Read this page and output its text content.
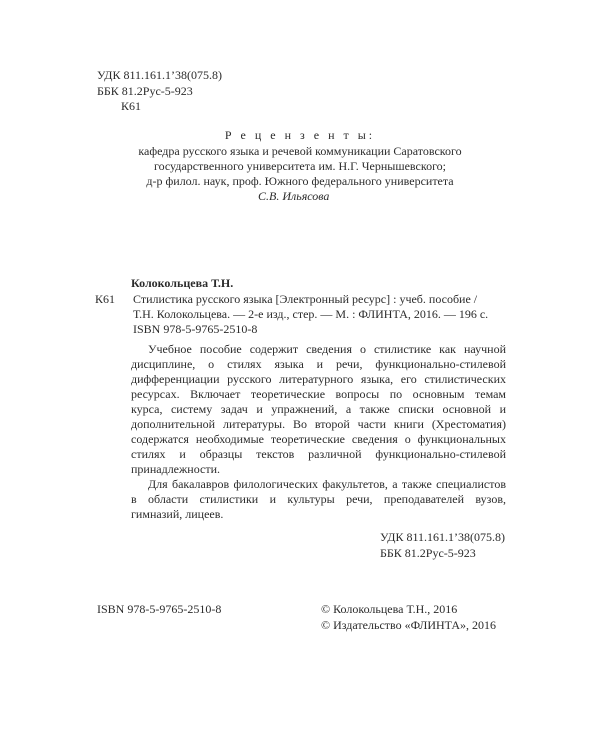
УДК 811.161.1’38(075.8)
ББК 81.2Рус-5-923
К61
Р е ц е н з е н т ы:
кафедра русского языка и речевой коммуникации Саратовского
государственного университета им. Н.Г. Чернышевского;
д-р филол. наук, проф. Южного федерального университета
С.В. Ильясова
Колокольцева Т.Н.
К61 Стилистика русского языка [Электронный ресурс] : учеб. пособие /
Т.Н. Колокольцева. — 2-е изд., стер. — М. : ФЛИНТА, 2016. — 196 с.
ISBN 978-5-9765-2510-8
Учебное пособие содержит сведения о стилистике как научной
дисциплине, о стилях языка и речи, функционально-стилевой
дифференциации русского литературного языка, его стилистических
ресурсах. Включает теоретические вопросы по основным темам
курса, систему задач и упражнений, а также списки основной и
дополнительной литературы. Во второй части книги (Хрестоматия)
содержатся необходимые теоретические сведения о функциональных
стилях и образцы текстов различной функционально-стилевой
принадлежности.
Для бакалавров филологических факультетов, а также специалистов
в области стилистики и культуры речи, преподавателей вузов,
гимназий, лицеев.
УДК 811.161.1’38(075.8)
ББК 81.2Рус-5-923
ISBN 978-5-9765-2510-8	© Колокольцева Т.Н., 2016
© Издательство «ФЛИНТА», 2016
